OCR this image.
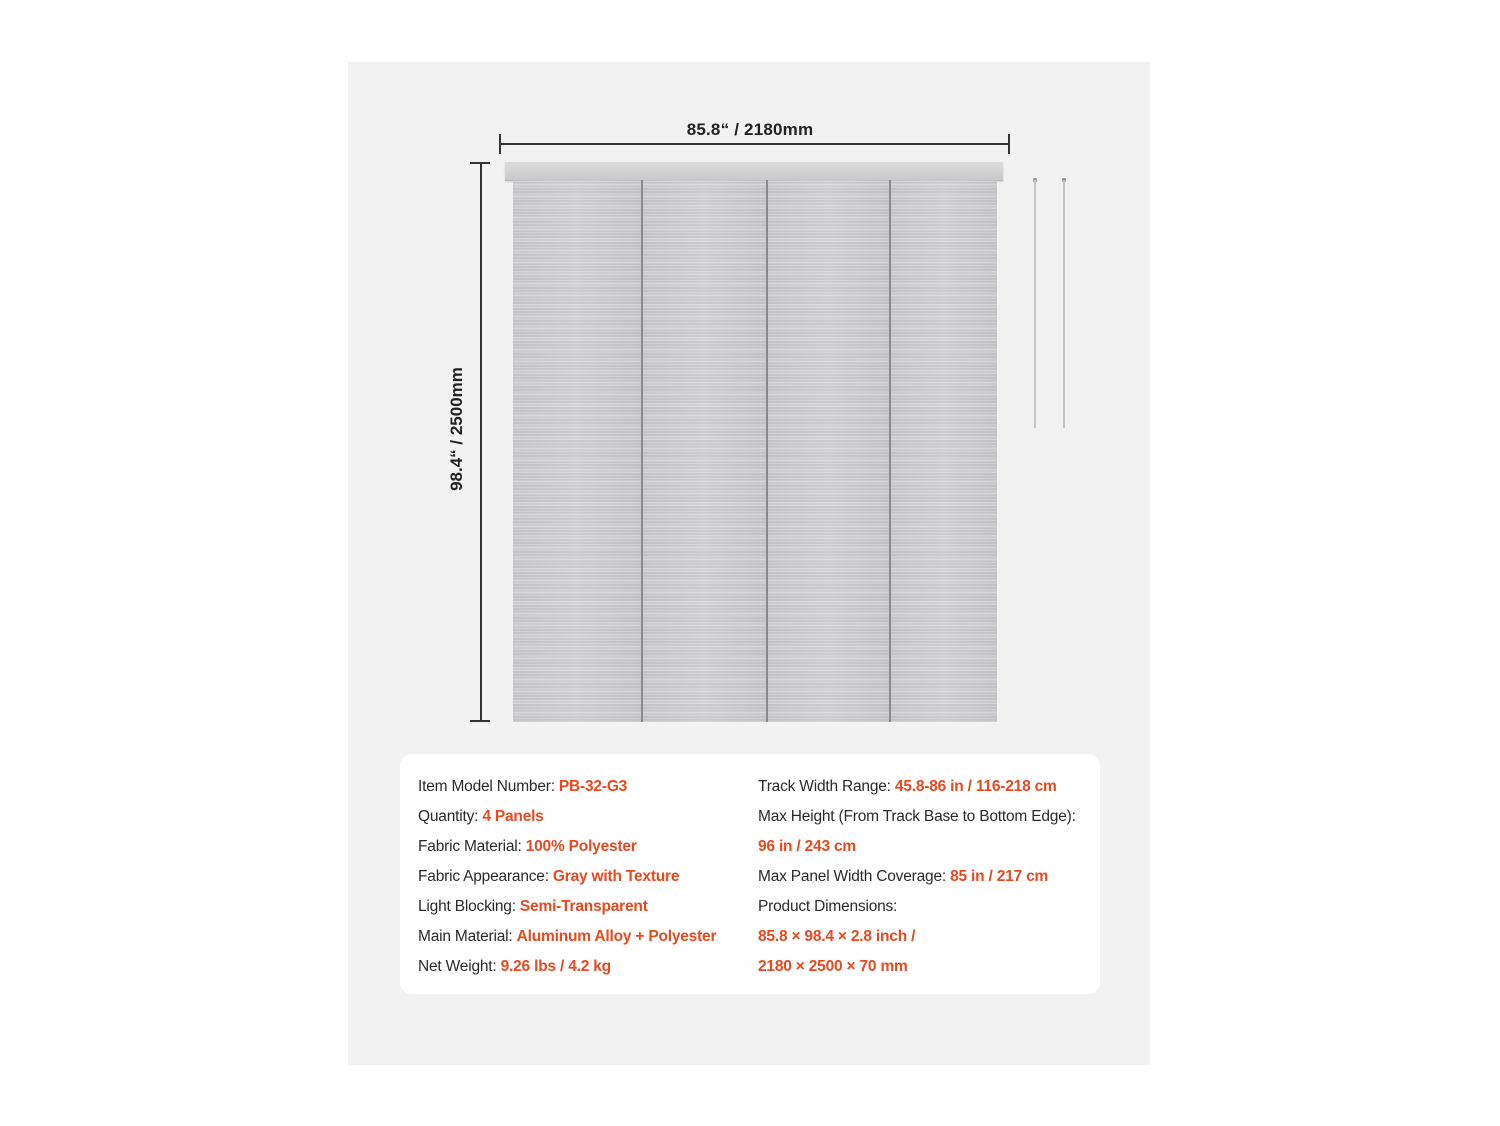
85.8“ / 2180mm
98.4“ / 2500mm
Item Model Number: PB-32-G3
Quantity: 4 Panels
Fabric Material: 100% Polyester
Fabric Appearance: Gray with Texture
Light Blocking: Semi-Transparent
Main Material: Aluminum Alloy + Polyester
Net Weight: 9.26 lbs / 4.2 kg
Track Width Range: 45.8-86 in / 116-218 cm
Max Height (From Track Base to Bottom Edge):
96 in / 243 cm
Max Panel Width Coverage: 85 in / 217 cm
Product Dimensions:
85.8 × 98.4 × 2.8 inch /
2180 × 2500 × 70 mm
